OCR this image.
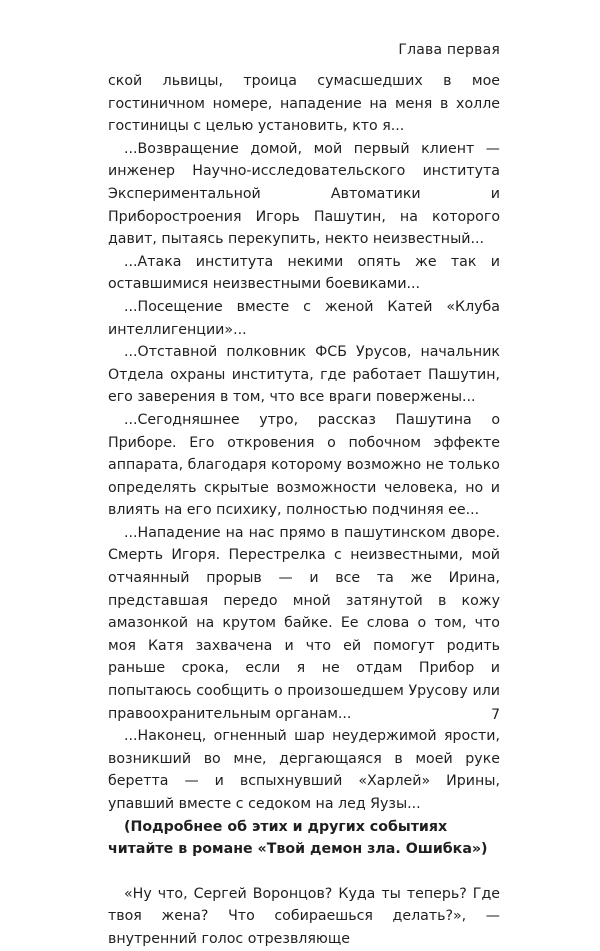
Глава первая

ской львицы, троица сумасшедших в мое гостиничном номере, нападение на меня в холле гостиницы с целью установить, кто я...

...Возвращение домой, мой первый клиент — инженер Научно-исследовательского института Экспериментальной Автоматики и Приборостроения Игорь Пашутин, на которого давит, пытаясь перекупить, некто неизвестный...

...Атака института некими опять же так и оставшимися неизвестными боевиками...

...Посещение вместе с женой Катей «Клуба интеллигенции»...

...Отставной полковник ФСБ Урусов, начальник Отдела охраны института, где работает Пашутин, его заверения в том, что все враги повержены...

...Сегодняшнее утро, рассказ Пашутина о Приборе. Его откровения о побочном эффекте аппарата, благодаря которому возможно не только определять скрытые возможности человека, но и влиять на его психику, полностью подчиняя ее...

...Нападение на нас прямо в пашутинском дворе. Смерть Игоря. Перестрелка с неизвестными, мой отчаянный прорыв — и все та же Ирина, представшая передо мной затянутой в кожу амазонкой на крутом байке. Ее слова о том, что моя Катя захвачена и что ей помогут родить раньше срока, если я не отдам Прибор и попытаюсь сообщить о произошедшем Урусову или правоохранительным органам...

...Наконец, огненный шар неудержимой ярости, возникший во мне, дергающаяся в моей руке беретта — и вспыхнувший «Харлей» Ирины, упавший вместе с седоком на лед Яузы...

(Подробнее об этих и других событиях читайте в романе «Твой демон зла. Ошибка»)

«Ну что, Сергей Воронцов? Куда ты теперь? Где твоя жена? Что собираешься делать?», — внутренний голос отрезвляюще

7
